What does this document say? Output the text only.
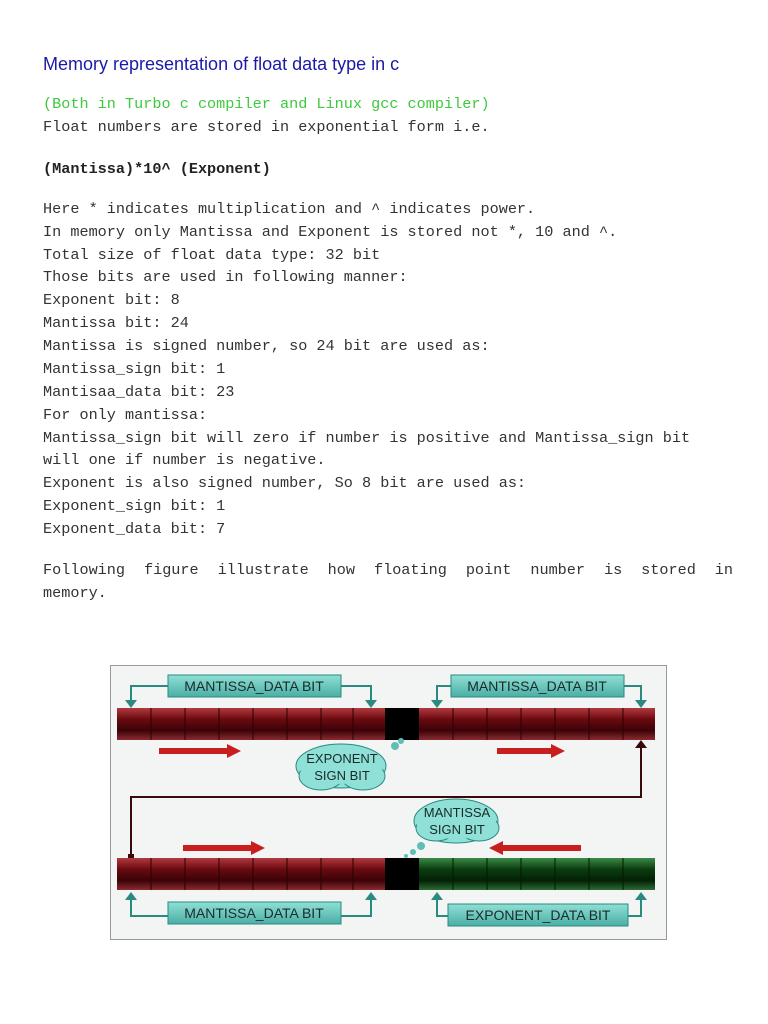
Memory representation of float data type in c
(Both in Turbo c compiler and Linux gcc compiler)
Float numbers are stored in exponential form i.e.
(Mantissa)*10^ (Exponent)
Here * indicates multiplication and ^ indicates power.
In memory only Mantissa and Exponent is stored not *, 10 and ^.
Total size of float data type: 32 bit
Those bits are used in following manner:
Exponent bit: 8
Mantissa bit: 24
Mantissa is signed number, so 24 bit are used as:
Mantissa_sign bit: 1
Mantisaa_data bit: 23
For only mantissa:
Mantissa_sign bit will zero if number is positive and Mantissa_sign bit
will one if number is negative.
Exponent is also signed number, So 8 bit are used as:
Exponent_sign bit: 1
Exponent_data bit: 7
Following figure illustrate how floating point number is stored in
memory.
MANTISSA_DATA BIT	MANTISSA_DATA BIT
EXPONENT
SIGN BIT
MANTISSA
SIGN BIT
MANTISSA_DATA BIT	EXPONENT_DATA BIT
